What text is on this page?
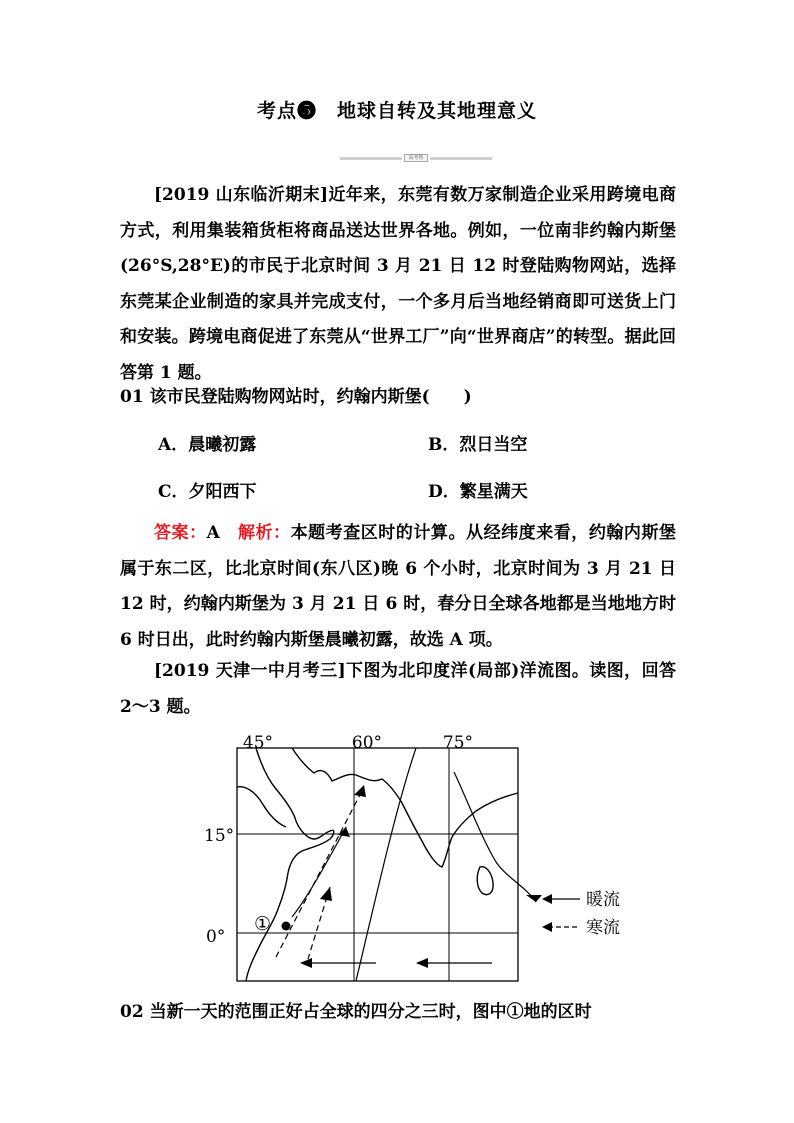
考点❺　地球自转及其地理意义
高考帮
[2019 山东临沂期末]近年来，东莞有数万家制造企业采用跨境电商方式，利用集装箱货柜将商品送达世界各地。例如，一位南非约翰内斯堡(26°S,28°E)的市民于北京时间 3 月 21 日 12 时登陆购物网站，选择东莞某企业制造的家具并完成支付，一个多月后当地经销商即可送货上门和安装。跨境电商促进了东莞从“世界工厂”向“世界商店”的转型。据此回答第 1 题。
01 该市民登陆购物网站时，约翰内斯堡(　　)
A．晨曦初露	B．烈日当空
C．夕阳西下	D．繁星满天
答案：A　 解析：本题考查区时的计算。从经纬度来看，约翰内斯堡属于东二区，比北京时间(东八区)晚 6 个小时，北京时间为 3 月 21 日 12 时，约翰内斯堡为 3 月 21 日 6 时，春分日全球各地都是当地地方时 6 时日出，此时约翰内斯堡晨曦初露，故选 A 项。
[2019 天津一中月考三]下图为北印度洋(局部)洋流图。读图，回答 2～3 题。
45°	60°	75°
15°
0°
①
暖流
寒流
02 当新一天的范围正好占全球的四分之三时，图中①地的区时
